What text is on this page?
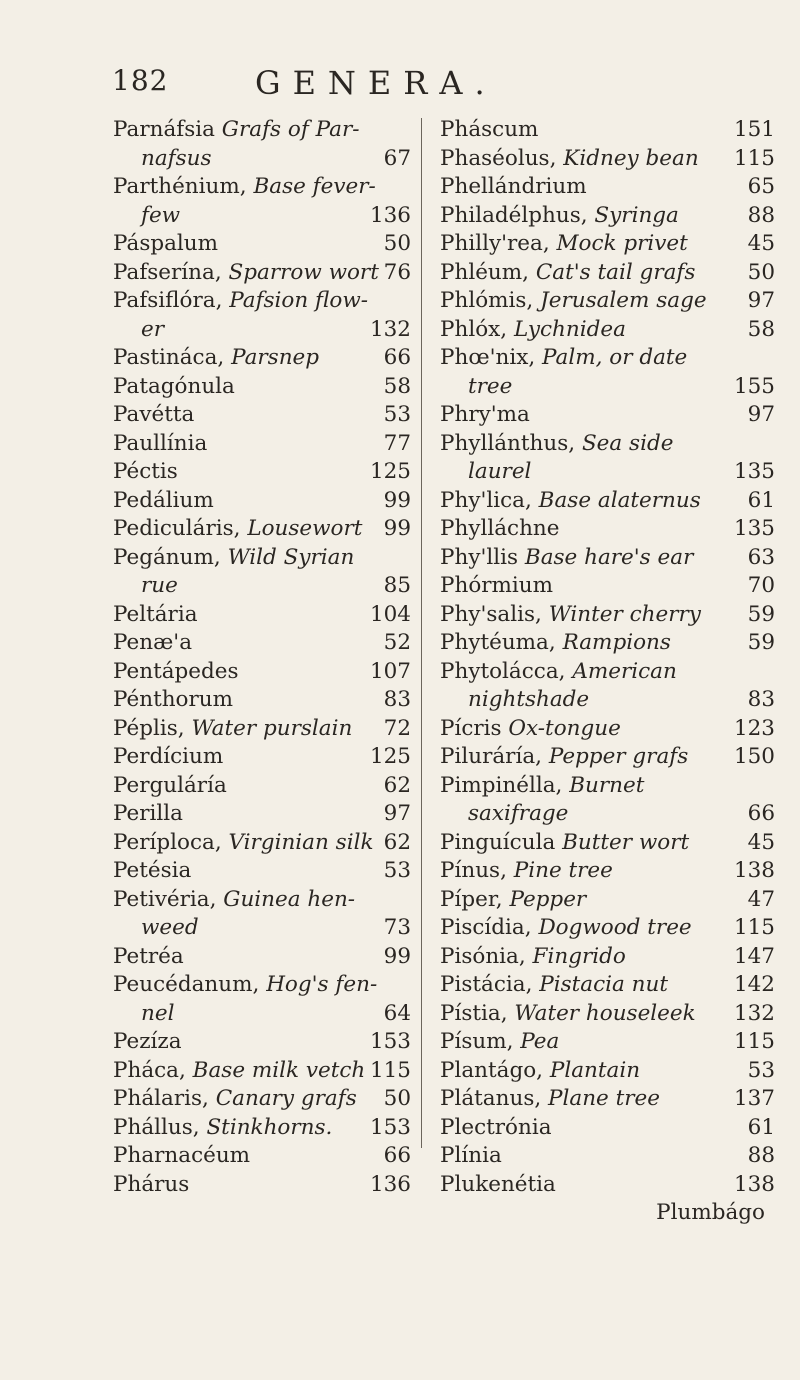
182	GENERA.
Parnáfsia Grafs of Par-
nafsus	67
Parthénium, Base fever-
few	136
Páspalum	50
Pafserína, Sparrow wort 76
Pafsiflóra, Pafsion flow-
er	132
Pastináca, Parsnep	66
Patagónula	58
Pavétta	53
Paullínia	77
Péctis	125
Pedálium	99
Pediculáris, Lousewort 99
Pegánum, Wild Syrian
rue	85
Peltária	104
Penæ'a	52
Pentápedes	107
Pénthorum	83
Péplis, Water purslain 72
Perdícium	125
Perguláría	62
Perilla	97
Períploca, Virginian silk 62
Petésia	53
Petivéria, Guinea hen-
weed	73
Petréa	99
Peucédanum, Hog's fen-
nel	64
Pezíza	153
Pháca, Base milk vetch 115
Phálaris, Canary grafs 50
Phállus, Stinkhorns. 153
Pharnacéum	66
Phárus	136
Pháscum	151
Phaséolus, Kidney bean 115
Phellándrium	65
Philadélphus, Syringa	88
Philly'rea, Mock privet	45
Phléum, Cat's tail grafs 50
Phlómis, Jerusalem sage 97
Phlóx, Lychnidea	58
Phœ'nix, Palm, or date
tree	155
Phry'ma	97
Phyllánthus, Sea side
laurel	135
Phy'lica, Base alaternus 61
Phylláchne	135
Phy'llis Base hare's ear	63
Phórmium	70
Phy'salis, Winter cherry 59
Phytéuma, Rampions	59
Phytolácca, American
nightshade	83
Pícris Ox-tongue	123
Piluráría, Pepper grafs 150
Pimpinélla, Burnet
saxifrage	66
Pinguícula Butter wort	45
Pínus, Pine tree	138
Píper, Pepper	47
Piscídia, Dogwood tree 115
Pisónia, Fingrido	147
Pistácia, Pistacia nut	142
Pístia, Water houseleek 132
Písum, Pea	115
Plantágo, Plantain	53
Plátanus, Plane tree	137
Plectrónia	61
Plínia	88
Plukenétia	138
Plumbágo
